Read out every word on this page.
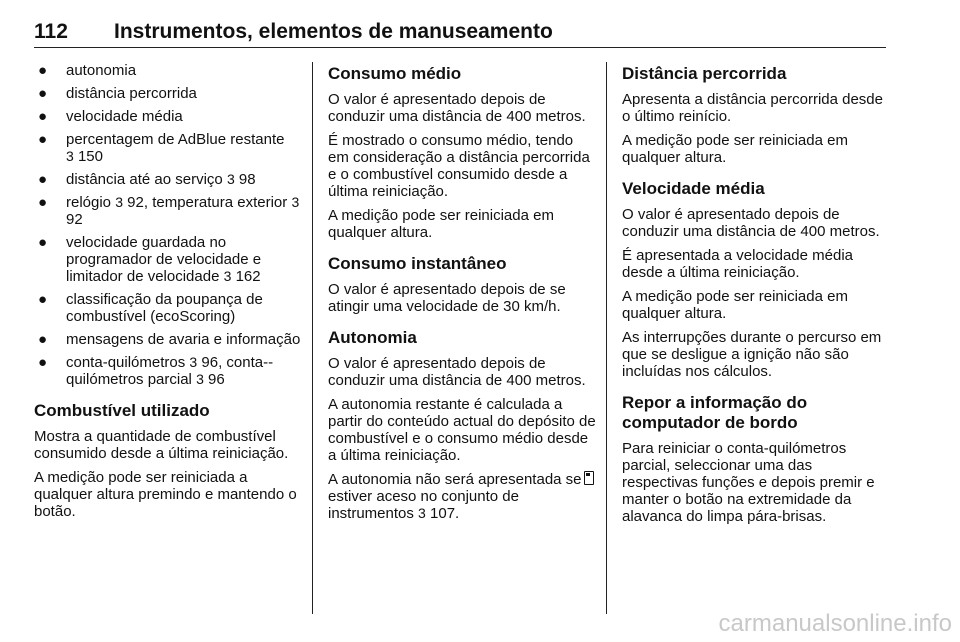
112 Instrumentos, elementos de manuseamento
● autonomia
● distância percorrida
● velocidade média
● percentagem de AdBlue restante
3 150
● distância até ao serviço 3 98
● relógio 3 92, temperatura exterior 3 92
● velocidade guardada no programador de velocidade e limitador de velocidade 3 162
● classificação da poupança de combustível (ecoScoring)
● mensagens de avaria e informação
● conta-quilómetros 3 96, conta--quilómetros parcial 3 96
Combustível utilizado

Mostra a quantidade de combustível consumido desde a última reiniciação.

A medição pode ser reiniciada a qualquer altura premindo e mantendo o botão.

Consumo médio

O valor é apresentado depois de conduzir uma distância de 400 metros.

É mostrado o consumo médio, tendo em consideração a distância percorrida e o combustível consumido desde a última reiniciação.

A medição pode ser reiniciada em qualquer altura.

Consumo instantâneo

O valor é apresentado depois de se atingir uma velocidade de 30 km/h.

Autonomia

O valor é apresentado depois de conduzir uma distância de 400 metros.

A autonomia restante é calculada a partir do conteúdo actual do depósito de combustível e o consumo médio desde a última reiniciação.

A autonomia não será apresentada seestiver aceso no conjunto de instrumentos 3 107.

Distância percorrida

Apresenta a distância percorrida desde o último reinício.

A medição pode ser reiniciada em qualquer altura.

Velocidade média

O valor é apresentado depois de conduzir uma distância de 400 metros.

É apresentada a velocidade média desde a última reiniciação.

A medição pode ser reiniciada em qualquer altura.

As interrupções durante o percurso em que se desligue a ignição não são incluídas nos cálculos.

Repor a informação do computador de bordo

Para reiniciar o conta-quilómetros parcial, seleccionar uma das respectivas funções e depois premir e manter o botão na extremidade da alavanca do limpa pára-brisas.

carmanualsonline.info
